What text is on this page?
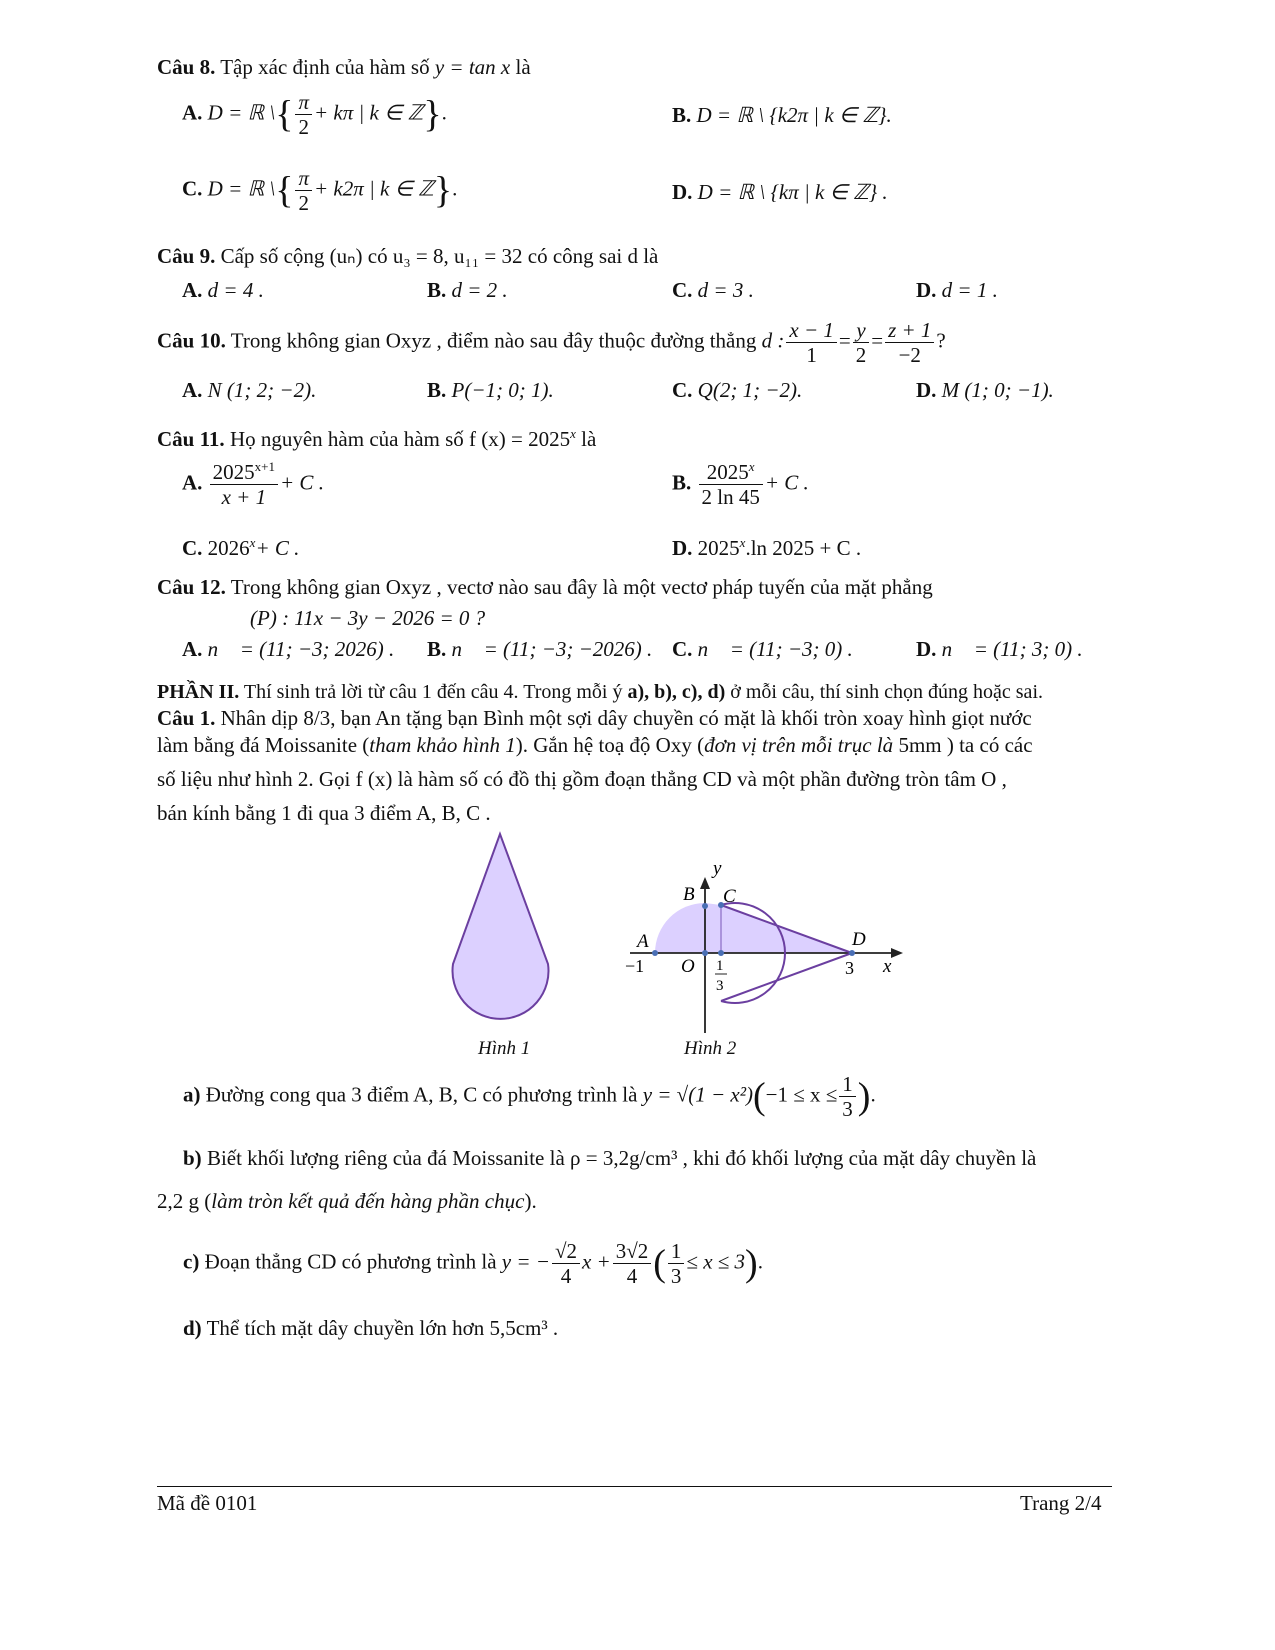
Câu 8. Tập xác định của hàm số y = tan x là
A. D = ℝ \{ $\frac{\pi}{2} + k\pi$ | k ∈ ℤ}.	B. D = ℝ \ {k2π | k ∈ ℤ}.
C. D = ℝ \{ $\frac{\pi}{2} + k2\pi$ | k ∈ ℤ}.	D. D = ℝ \ {kπ | k ∈ ℤ} .
Câu 9. Cấp số cộng (uₙ) có u₃ = 8, u₁₁ = 32 có công sai d là
A. d = 4 .	B. d = 2 .	C. d = 3 .	D. d = 1 .
Câu 10. Trong không gian Oxyz , điểm nào sau đây thuộc đường thẳng d : $\frac{x - 1}{1} = \frac{y}{2} = \frac{z + 1}{-2}$ ?
A. N (1; 2; −2).	B. P(−1; 0; 1).	C. Q(2; 1; −2).	D. M (1; 0; −1).
Câu 11. Họ nguyên hàm của hàm số f $(x) = 2025^x$ là
A. $\frac{2025^{x+1}}{x + 1} + C$ .	B. $\frac{2025^x}{2 \ln 45} + C$ .
C. $2026^x+ C$ .	D. 2025$^x$.ln 2025 + C .
Câu 12. Trong không gian Oxyz , vectơ nào sau đây là một vectơ pháp tuyến của mặt phẳng
(P) : 11x − 3y − 2026 = 0 ?
A. n⃗ = (11; −3; 2026) . B. n⃗ = (11; −3; −2026) . C. n⃗ = (11; −3; 0) .	D. n⃗ = (11; 3; 0) .
PHẦN II. Thí sinh trả lời từ câu 1 đến câu 4. Trong mỗi ý a), b), c), d) ở mỗi câu, thí sinh chọn đúng hoặc sai.
Câu 1. Nhân dịp 8/3, bạn An tặng bạn Bình một sợi dây chuyền có mặt là khối tròn xoay hình giọt nước
làm bằng đá Moissanite (tham khảo hình 1). Gắn hệ toạ độ Oxy (đơn vị trên mỗi trục là 5mm ) ta có các
số liệu như hình 2. Gọi f (x) là hàm số có đồ thị gồm đoạn thẳng CD và một phần đường tròn tâm O ,
bán kính bằng 1 đi qua 3 điểm A, B, C .
Hình 1
y
x
B C
A	D
O
−1	3
1
3
Hình 2
a) Đường cong qua 3 điểm A, B, C có phương trình là $y = √(1 - x^2)(-1 \le x \le \frac{1}{3}$ ).
b) Biết khối lượng riêng của đá Moissanite là ρ = 3,2g/cm³ , khi đó khối lượng của mặt dây chuyền là
2,2 g (làm tròn kết quả đến hàng phần chục).
c) Đoạn thẳng CD có phương trình là y = − $\frac{√2}{4}$ $x + \frac{3√2}{4}$ ( $\frac{1}{3} \le x \le 3$).
d) Thể tích mặt dây chuyền lớn hơn 5,5cm³ .
Mã đề 0101	Trang 2/4
